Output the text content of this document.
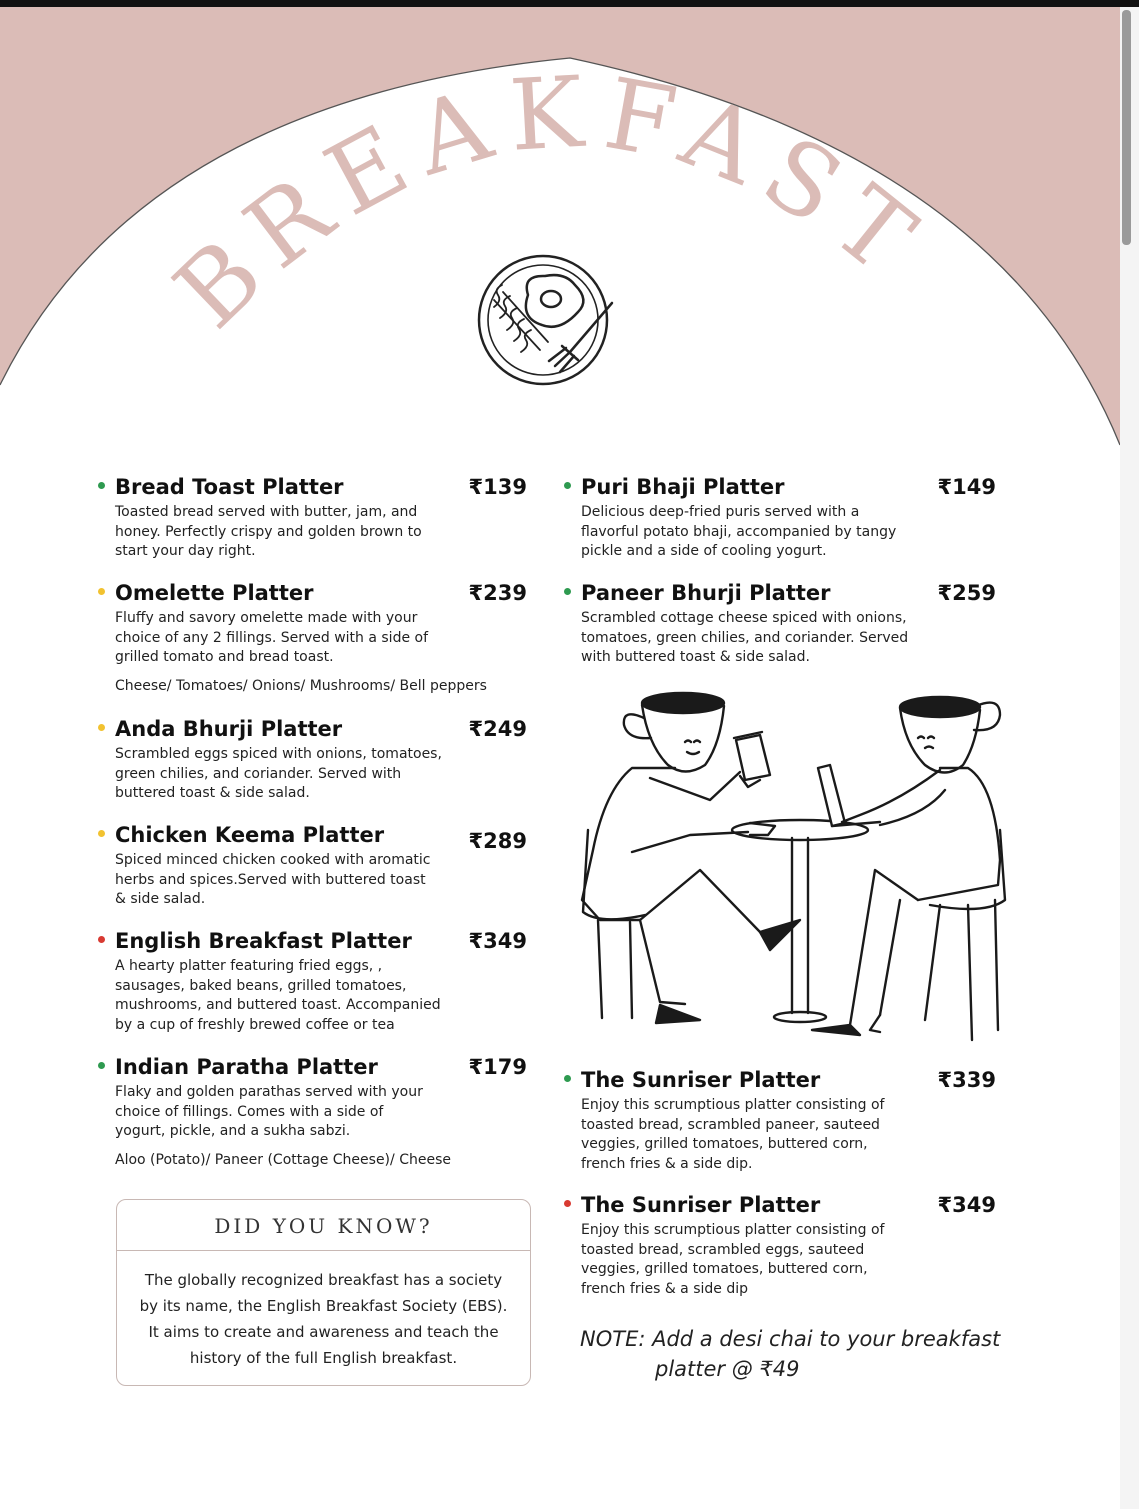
BREAKFAST
Bread Toast Platter	₹139
Toasted bread served with butter, jam, and
honey. Perfectly crispy and golden brown to
start your day right.
Omelette Platter	₹239
Fluffy and savory omelette made with your
choice of any 2 fillings. Served with a side of
grilled tomato and bread toast.
Cheese/ Tomatoes/ Onions/ Mushrooms/ Bell peppers
Anda Bhurji Platter	₹249
Scrambled eggs spiced with onions, tomatoes,
green chilies, and coriander. Served with
buttered toast & side salad.
Chicken Keema Platter	₹289
Spiced minced chicken cooked with aromatic
herbs and spices.Served with buttered toast
& side salad.
English Breakfast Platter	₹349
A hearty platter featuring fried eggs, ,
sausages, baked beans, grilled tomatoes,
mushrooms, and buttered toast. Accompanied
by a cup of freshly brewed coffee or tea
Indian Paratha Platter	₹179
Flaky and golden parathas served with your
choice of fillings. Comes with a side of
yogurt, pickle, and a sukha sabzi.
Aloo (Potato)/ Paneer (Cottage Cheese)/ Cheese
Puri Bhaji Platter	₹149
Delicious deep-fried puris served with a
flavorful potato bhaji, accompanied by tangy
pickle and a side of cooling yogurt.
Paneer Bhurji Platter	₹259
Scrambled cottage cheese spiced with onions,
tomatoes, green chilies, and coriander. Served
with buttered toast & side salad.
The Sunriser Platter	₹339
Enjoy this scrumptious platter consisting of
toasted bread, scrambled paneer, sauteed
veggies, grilled tomatoes, buttered corn,
french fries & a side dip.
The Sunriser Platter	₹349
Enjoy this scrumptious platter consisting of
toasted bread, scrambled eggs, sauteed
veggies, grilled tomatoes, buttered corn,
french fries & a side dip
DID YOU KNOW?
The globally recognized breakfast has a society
by its name, the English Breakfast Society (EBS).
It aims to create and awareness and teach the
history of the full English breakfast.
NOTE: Add a desi chai to your breakfast
platter @ ₹49
